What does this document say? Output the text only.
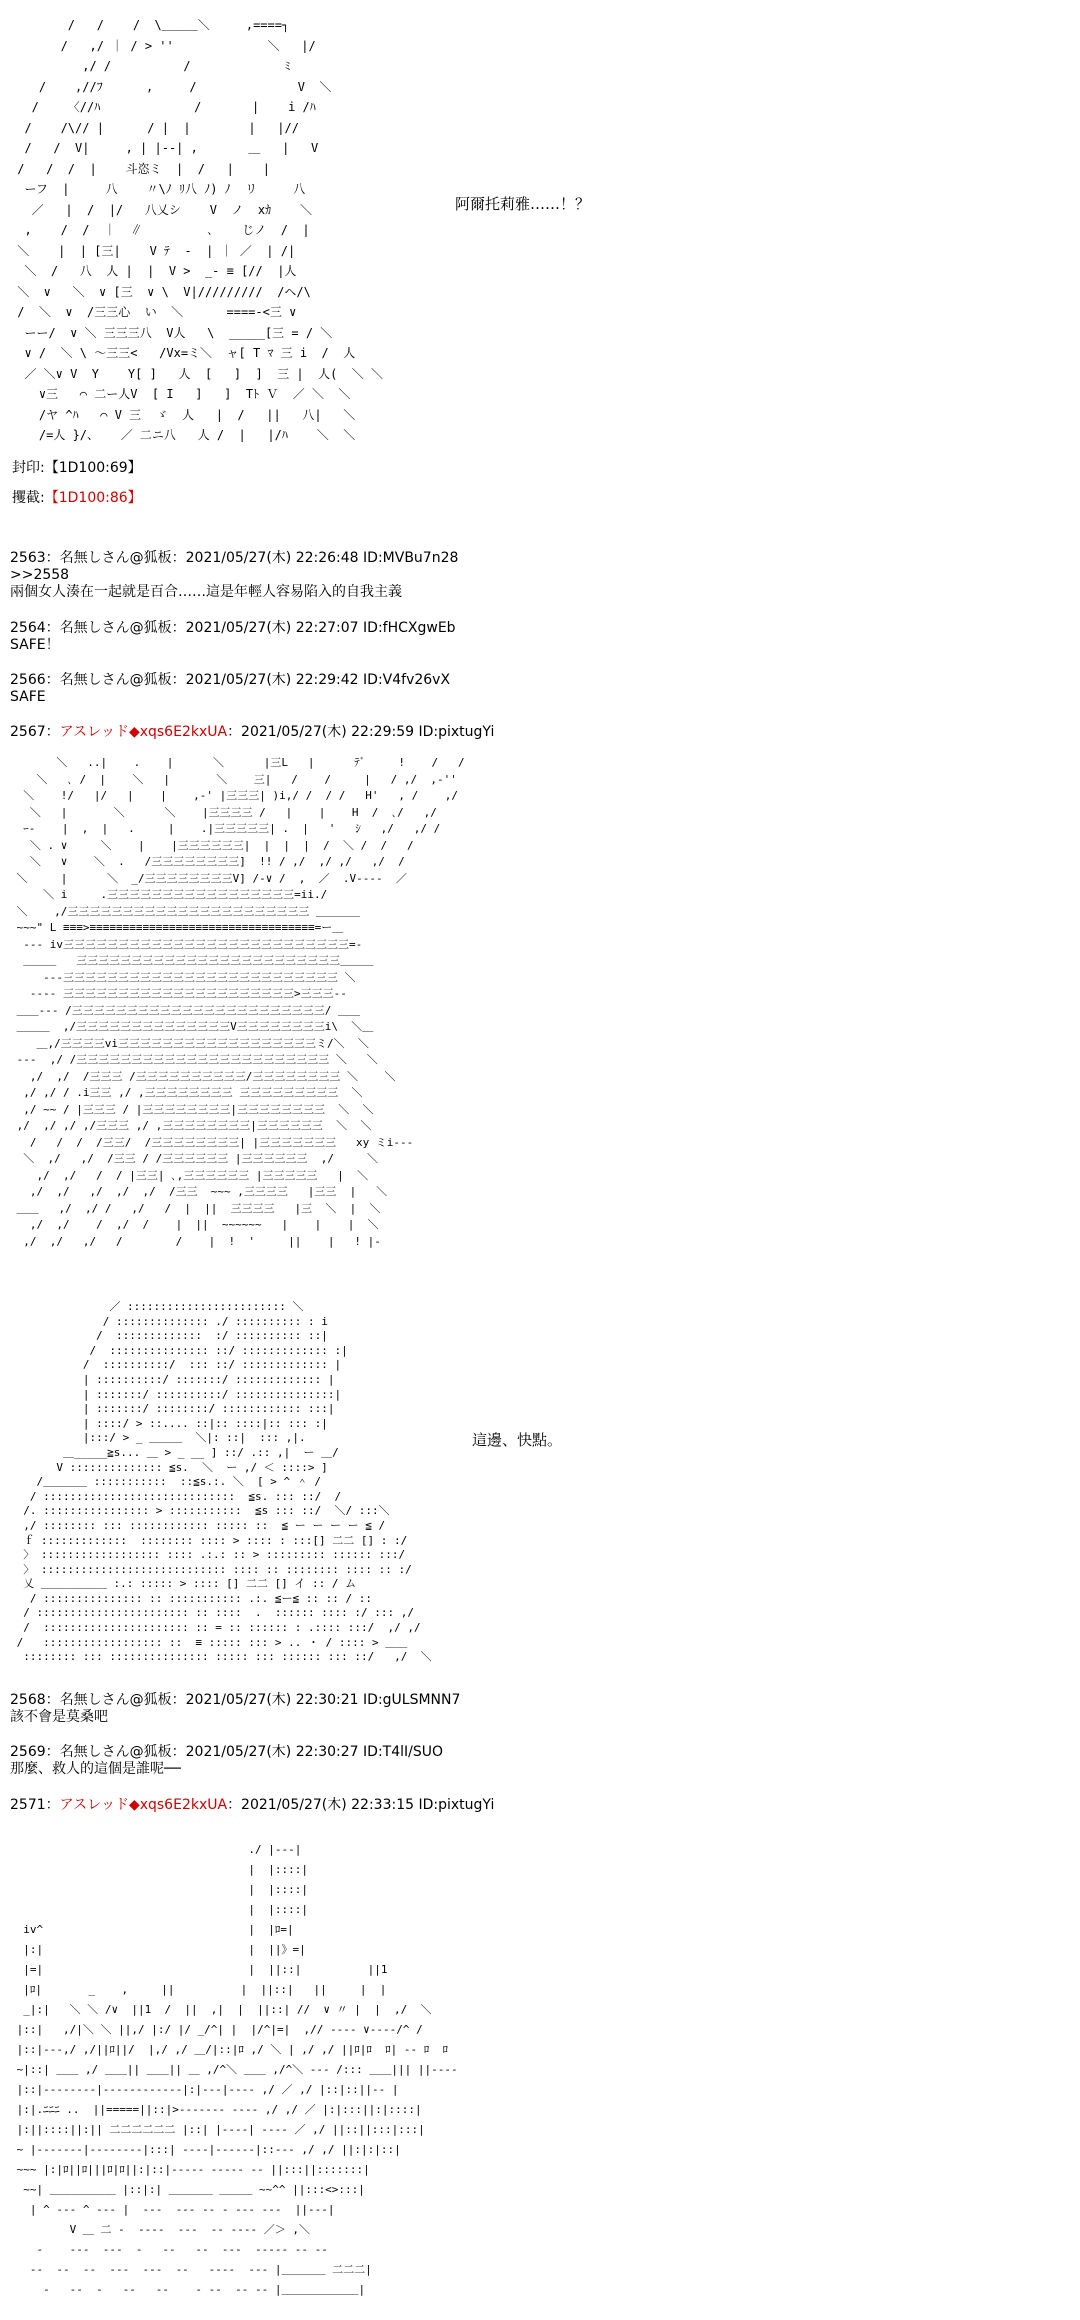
/   /    /  \＿＿＿＼     ,====┐
/   ,/ ｜ / > ''             ＼   |/
,/ /          /             ﾐ
/    ,//ﾌ      ,     /              V  ＼
/    〈//ﾊ             /       |    i /ﾊ
/    /\// |      / |  |        |   |//
/   /  V|     , | |--| ,       ＿   |   V
/   /  /  |    斗恣ミ  |  /   |    |
ーフ  |     八    〃\ﾉ ﾘ八 ﾉ) ﾉ  リ     八
／   |  /  |/   八乂シ    V  ノ  xｶ    ＼
,    /  /  ｜  ∥         ､    じノ  /  |
＼    |  | [三|    V ﾃ  -  | ｜ ／  | /|
＼  /   八  人 |  |  V >  _- ≡ [//  |人
＼  ∨   ＼  ∨ [三  ∨ \  V|/////////  /ヘ/\
/  ＼  ∨  /三三心  い  ＼      ====-<三 ∨
ーー/  ∨ ＼ 三三三八  V人   \  _____[三 = / ＼
∨ /  ＼ \ ～三三<   /Vx=ミ＼  ャ[ T ﾏ 三 i  /  人
／ ＼∨ V  Y    Y[ ]   人  [   ]  ]  三 |  人(  ＼ ＼
∨三   ⌒ 二ー人V  [ I   ]   ]  Tﾄ Ｖ  ／ ＼  ＼
/ヤ ^ﾊ   ⌒ V 三  ゞ  人   |  /   ||   八|   ＼
/=人 }/、   ／ 二ニ八   人 /  |   |/ﾊ    ＼  ＼
阿爾托莉雅……！？
封印:【1D100:69】
攫截:【1D100:86】
2563：名無しさん@狐板：2021/05/27(木) 22:26:48 ID:MVBu7n28
>>2558
兩個女人湊在一起就是百合……這是年輕人容易陷入的自我主義
2564：名無しさん@狐板：2021/05/27(木) 22:27:07 ID:fHCXgwEb
SAFE！
2566：名無しさん@狐板：2021/05/27(木) 22:29:42 ID:V4fv26vX
SAFE
2567：アスレッド◆xqs6E2kxUA：2021/05/27(木) 22:29:59 ID:pixtugYi
＼   ..|    .    |      ＼      |三L   |      ﾃﾞ     !    /   /
＼   ､ /  |    ＼   |       ＼    三|   /    /     |   / ,/  ,-''
＼    !/   |/   |    |    ,-' |三三三| )i,/ /  / /   H'   , /    ,/
＼   |       ＼      ＼    |三三三三 /   |    |    H  /  ､/   ,/
ｰ-    |  ,  |   .     |    .|三三三三三| .  |   '   ｼ   ,/   ,/ /
＼ . ∨     ＼    |    |三三三三三三|  |  |  |  /  ＼ /  /   /
＼   ∨    ＼  .   /三三三三三三三三]  !! / ,/  ,/ ,/   ,/  /
＼     |      ＼  _/三三三三三三三三V] /-∨ /  ,  ／  .V‐‐‐‐  ／
＼ i     .三三三三三三三三三三三三三三三三三=ii./
＼    ,/三三三三三三三三三三三三三三三三三三三三三三 ＿＿＿＿
~~~" L ≡≡≡>≡≡≡≡≡≡≡≡≡≡≡≡≡≡≡≡≡≡≡≡≡≡≡≡≡≡≡≡≡≡≡≡≡≡=ー＿
‐‐‐ iv三三三三三三三三三三三三三三三三三三三三三三三三三三=‐
＿＿＿   三三三三三三三三三三三三三三三三三三三三三三三三＿＿＿
‐‐‐三三三三三三三三三三三三三三三三三三三三三三三三三 ＼
‐‐‐‐ 三三三三三三三三三三三三三三三三三三三三三>三三三‐‐
＿＿‐‐‐ /三三三三三三三三三三三三三三三三三三三三三三三/ ＿＿
＿＿＿  ,/三三三三三三三三三三三三三三V三三三三三三三三i\  ＼＿
＿,/三三三三vi三三三三三三三三三三三三三三三三三三ミ/＼  ＼
‐‐‐  ,/ /三三三三三三三三三三三三三三三三三三三三三三三 ＼   ＼
,/  ,/  /三三三 /三三三三三三三三三三/三三三三三三三三 ＼    ＼
,/ ,/ / .i三三 ,/ ,三三三三三三三三 三三三三三三三三三  ＼
,/ ~~ / |三三三 / |三三三三三三三三|三三三三三三三三  ＼  ＼
,/  ,/ ,/ ,/三三三 ,/ ,三三三三三三三三|三三三三三三  ＼  ＼
/   /  /  /三三/  /三三三三三三三三| |三三三三三三三   xy ミi‐‐‐
＼  ,/   ,/  /三三 / /三三三三三三 |三三三三三三  ,/     ＼
,/  ,/   /  / |三三| ､,三三三三三三 |三三三三三   |  ＼
,/  ,/   ,/  ,/  ,/  /三三  ~~~ ,三三三三   |三三  |   ＼
＿＿   ,/  ,/ /   ,/   /  |  ||  三三三三   |三  ＼  |  ＼
,/  ,/    /  ,/  /    |  ||  ~~~~~~   |    |    |  ＼
,/  ,/   ,/   /        /    |  !  '     ||    |   ! |-
／ :::::::::::::::::::::::: ＼
/ :::::::::::::: ./ :::::::::: : i
/  :::::::::::::  :/ :::::::::: ::|
/  ::::::::::::::: ::/ ::::::::::::: :|
/  ::::::::::/  ::: ::/ ::::::::::::: |
| ::::::::::/ :::::::/ ::::::::::::: |
| :::::::/ ::::::::::/ :::::::::::::::|
| :::::::/ ::::::::/ :::::::::::: :::|
| ::::/ > ::.... ::|:: ::::|:: ::: :|
|:::/ > _ ＿＿＿  ＼|: ::|  ::: ,|.
＿_____≧s... ＿ > _ __ ] ::/ .:: ,|  ー ＿/
V :::::::::::::: ≦s.  ＼  ー ,/ ＜ ::::> ]
/＿＿＿＿ :::::::::::  ::≦s.:. ＼  [ > ^ ＾ /
/ :::::::::::::::::::::::::::::  ≦s. ::: ::/  /
/. :::::::::::::::: > :::::::::::  ≦s ::: ::/  ＼/ :::＼
,/ :::::::: ::: :::::::::::: ::::: ::  ≦ ー ー ー ー ≦ /
ｆ :::::::::::::  :::::::: :::: > :::: : :::[] 二二 [] : :/
〉 :::::::::::::::::: :::: .:.: :: > ::::::::: :::::: :::/
〉 :::::::::::::::::::::::::::: :::: :: :::::::: :::: :: :/
乂 ＿＿＿＿＿＿ :.: ::::: > :::: [] 二二 [] イ :: / ム
/ ::::::::::::::: :: ::::::::::: .:. ≦ー≦ :: :: / ::
/ ::::::::::::::::::::::: :: ::::  .  :::::: :::: :/ ::: ,/
/  :::::::::::::::::::::: :: = :: :::::: : .:::: :::/  ,/ ,/
/   :::::::::::::::::: ::  ≡ ::::: ::: > .. ・ / :::: > ＿＿
:::::::: ::: ::::::::::::::: ::::: ::: :::::: ::: ::/   ,/  ＼
這邊、快點。
2568：名無しさん@狐板：2021/05/27(木) 22:30:21 ID:gULSMNN7
該不會是莫桑吧
2569：名無しさん@狐板：2021/05/27(木) 22:30:27 ID:T4lI/SUO
那麼、救人的這個是誰呢──
2571：アスレッド◆xqs6E2kxUA：2021/05/27(木) 22:33:15 ID:pixtugYi
./ |‐‐‐|
|  |::::|
|  |::::|
|  |::::|
iv^                               |  |ﾛ=|
|:|                               |  ||》=|
|=|                               |  ||::|          ||1
|ﾛ|       _    ,     ||          |  ||::|   ||     |  |
_|:|   ＼ ＼ /∨  ||1  /  ||  ,|  |  ||::| //  ∨ 〃 |  |  ,/  ＼
|::|   ,/|＼ ＼ ||,/ |:/ |/ _/^| |  |/^|=|  ,// ‐‐‐‐ ∨‐‐‐‐/^ /
|::|‐‐‐,/ ,/||ﾛ||/  |,/ ,/ ＿/|::|ﾛ ,/ ＼ | ,/ ,/ ||ﾛ|ﾛ  ﾛ| ‐‐ ﾛ  ﾛ
~|::| ＿＿ ,/ ＿＿|| ＿＿|| ＿ ,/^＼ ＿＿ ,/^＼ ‐‐‐ /::: ＿＿||| ||‐‐‐‐
|::|‐‐‐‐‐‐‐‐|‐‐‐‐‐‐‐‐‐‐‐‐|:|‐‐‐|‐‐‐‐ ,/ ／ ,/ |::|::||‐‐ |
|:|.ﾆﾆﾆ ..  ||=====||::|>‐‐‐‐‐‐‐ ‐‐‐‐ ,/ ,/ ／ |:|:::||:|::::|
|:||::::||:|| 二二二二二二 |::| |‐‐‐‐| ‐‐‐‐ ／ ,/ ||::||:::|:::|
~ |‐‐‐‐‐‐‐|‐‐‐‐‐‐‐‐|:::| ‐‐‐‐|‐‐‐‐‐‐|::‐‐‐ ,/ ,/ ||:|:|::|
~~~ |:|ﾛ||ﾛ|||ﾛ|ﾛ||:|::|‐‐‐‐‐ ‐‐‐‐‐ ‐‐ ||:::||:::::::|
~~| ＿＿＿＿＿＿ |::|:| ＿＿＿＿ ＿＿＿ ~~^^ ||:::<>:::|
| ^ ‐‐‐ ^ ‐‐‐ |  ‐‐‐  ‐‐‐ ‐‐ ‐ ‐‐‐ ‐‐‐  ||‐‐‐|
V ＿ 二 ‐  ‐‐‐‐  ‐‐‐  ‐‐ ‐‐‐‐ ／＞ ,＼
‐    ‐‐‐  ‐‐‐  ‐   ‐‐   ‐‐  ‐‐‐  ‐‐‐‐‐ ‐‐ ‐‐
‐‐  ‐‐  ‐‐  ‐‐‐  ‐‐‐  ‐‐   ‐‐‐‐  ‐‐‐ |＿＿＿＿ 二二二|
‐   ‐‐  ‐   ‐‐   ‐‐    ‐ ‐‐  ‐‐ ‐‐ |＿＿＿＿＿＿＿|
